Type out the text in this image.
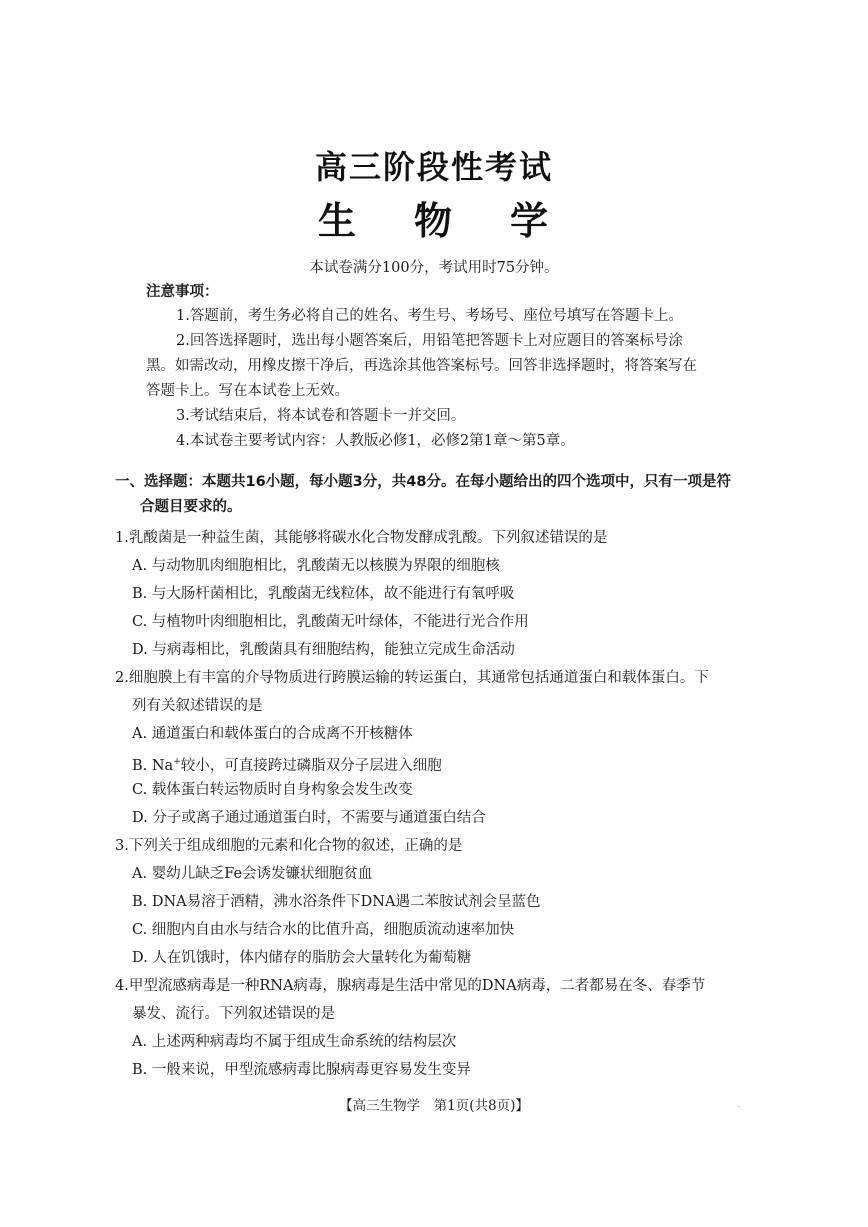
高三阶段性考试
生 物 学
本试卷满分100分，考试用时75分钟。
注意事项：
1.答题前，考生务必将自己的姓名、考生号、考场号、座位号填写在答题卡上。
2.回答选择题时，选出每小题答案后，用铅笔把答题卡上对应题目的答案标号涂
黑。如需改动，用橡皮擦干净后，再选涂其他答案标号。回答非选择题时，将答案写在
答题卡上。写在本试卷上无效。
3.考试结束后，将本试卷和答题卡一并交回。
4.本试卷主要考试内容：人教版必修1，必修2第1章～第5章。
一、选择题：本题共16小题，每小题3分，共48分。在每小题给出的四个选项中，只有一项是符
合题目要求的。
1.乳酸菌是一种益生菌，其能够将碳水化合物发酵成乳酸。下列叙述错误的是
A. 与动物肌肉细胞相比，乳酸菌无以核膜为界限的细胞核
B. 与大肠杆菌相比，乳酸菌无线粒体，故不能进行有氧呼吸
C. 与植物叶肉细胞相比，乳酸菌无叶绿体，不能进行光合作用
D. 与病毒相比，乳酸菌具有细胞结构，能独立完成生命活动
2.细胞膜上有丰富的介导物质进行跨膜运输的转运蛋白，其通常包括通道蛋白和载体蛋白。下
列有关叙述错误的是
A. 通道蛋白和载体蛋白的合成离不开核糖体
B. Na+较小，可直接跨过磷脂双分子层进入细胞
C. 载体蛋白转运物质时自身构象会发生改变
D. 分子或离子通过通道蛋白时，不需要与通道蛋白结合
3.下列关于组成细胞的元素和化合物的叙述，正确的是
A. 婴幼儿缺乏Fe会诱发镰状细胞贫血
B. DNA易溶于酒精，沸水浴条件下DNA遇二苯胺试剂会呈蓝色
C. 细胞内自由水与结合水的比值升高，细胞质流动速率加快
D. 人在饥饿时，体内储存的脂肪会大量转化为葡萄糖
4.甲型流感病毒是一种RNA病毒，腺病毒是生活中常见的DNA病毒，二者都易在冬、春季节
暴发、流行。下列叙述错误的是
A. 上述两种病毒均不属于组成生命系统的结构层次
B. 一般来说，甲型流感病毒比腺病毒更容易发生变异
【高三生物学　第1页(共8页)】	·
